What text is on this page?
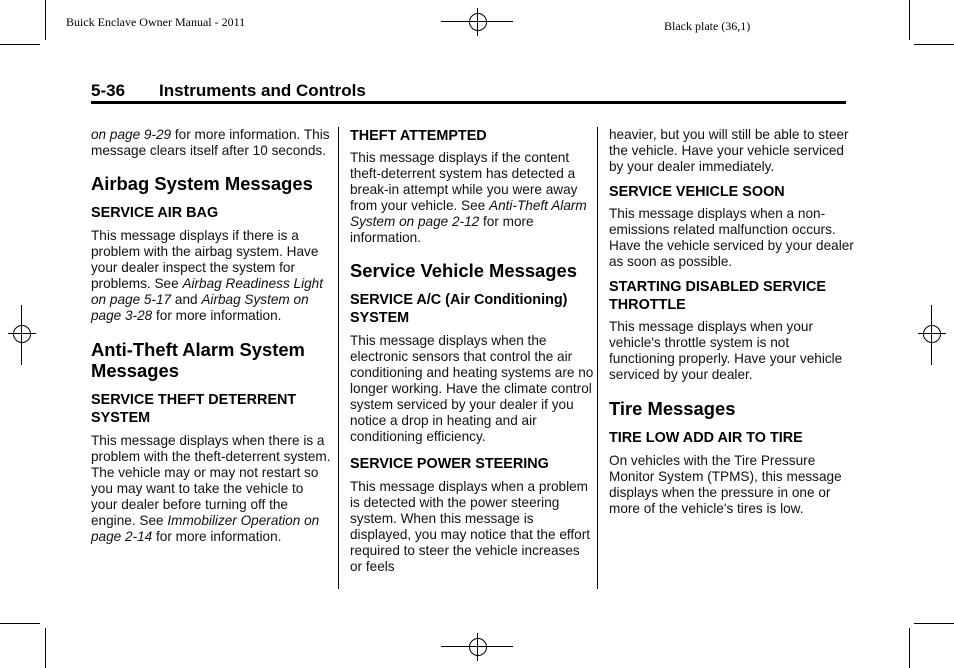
Buick Enclave Owner Manual - 2011	Black plate (36,1)
5-36 Instruments and Controls

on page 9-29 for more information. This message clears itself after 10 seconds.

Airbag System Messages
SERVICE AIR BAG

This message displays if there is a problem with the airbag system. Have your dealer inspect the system for problems. See Airbag Readiness Light on page 5-17 and Airbag System on page 3-28 for more information.

Anti-Theft Alarm System Messages
SERVICE THEFT DETERRENT SYSTEM

This message displays when there is a problem with the theft-deterrent system. The vehicle may or may not restart so you may want to take the vehicle to your dealer before turning off the engine. See Immobilizer Operation on page 2-14 for more information.

THEFT ATTEMPTED

This message displays if the content theft-deterrent system has detected a break-in attempt while you were away from your vehicle. See Anti-Theft Alarm System on page 2-12 for more information.

Service Vehicle Messages
SERVICE A/C (Air Conditioning) SYSTEM

This message displays when the electronic sensors that control the air conditioning and heating systems are no longer working. Have the climate control system serviced by your dealer if you notice a drop in heating and air conditioning efficiency.

SERVICE POWER STEERING

This message displays when a problem is detected with the power steering system. When this message is displayed, you may notice that the effort required to steer the vehicle increases or feels

heavier, but you will still be able to steer the vehicle. Have your vehicle serviced by your dealer immediately.

SERVICE VEHICLE SOON

This message displays when a non-emissions related malfunction occurs. Have the vehicle serviced by your dealer as soon as possible.

STARTING DISABLED SERVICE THROTTLE

This message displays when your vehicle's throttle system is not functioning properly. Have your vehicle serviced by your dealer.

Tire Messages
TIRE LOW ADD AIR TO TIRE

On vehicles with the Tire Pressure Monitor System (TPMS), this message displays when the pressure in one or more of the vehicle's tires is low.
